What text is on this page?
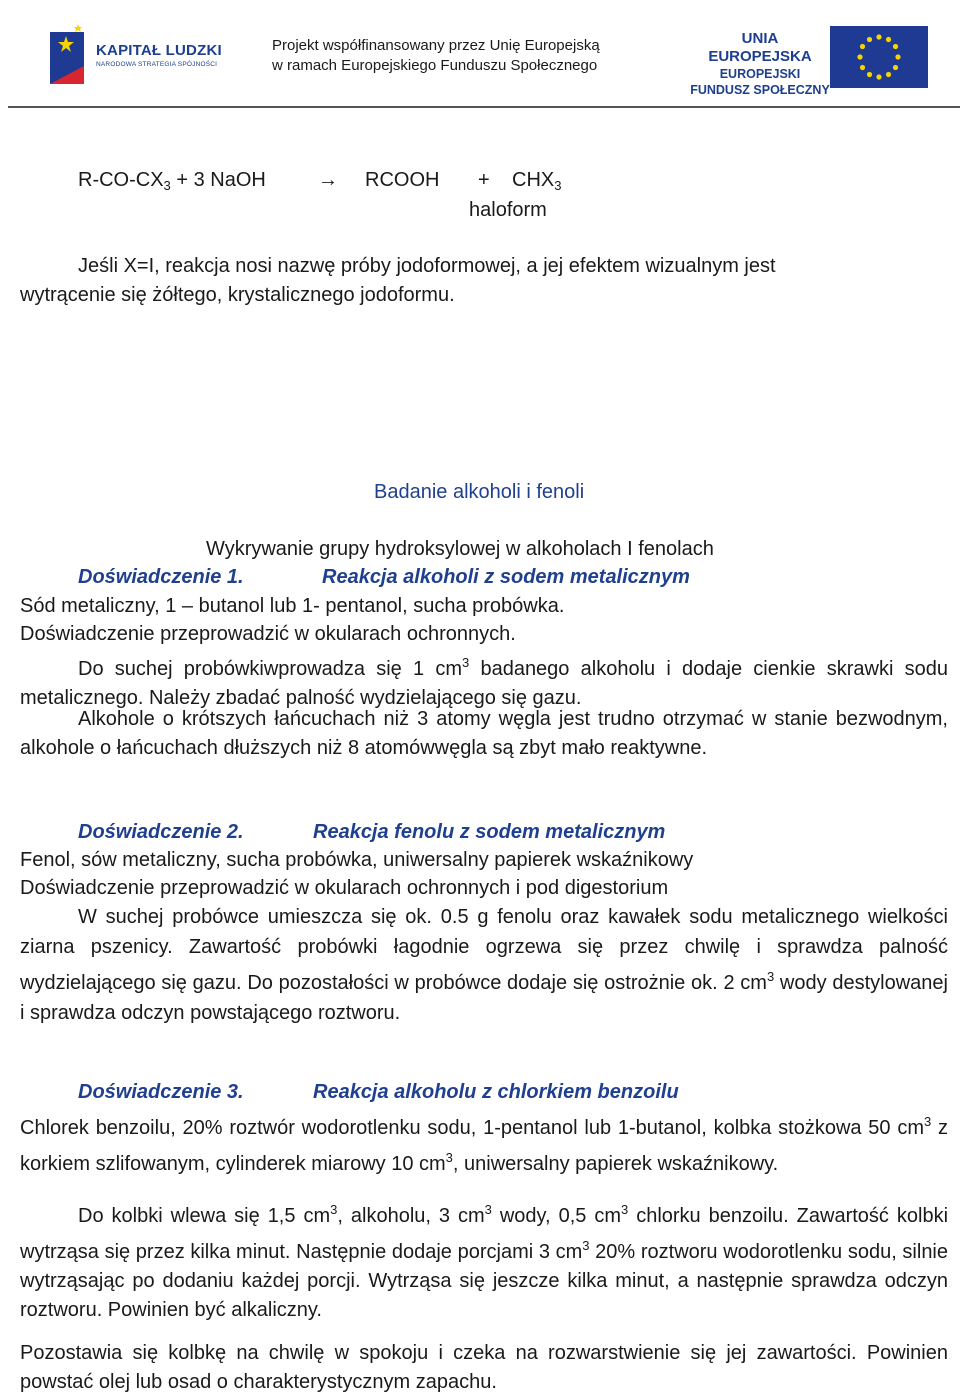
KAPITAŁ LUDZKI
NARODOWA STRATEGIA SPÓJNOŚCI
Projekt współfinansowany przez Unię Europejską
w ramach Europejskiego Funduszu Społecznego
UNIA EUROPEJSKA
EUROPEJSKI
FUNDUSZ SPOŁECZNY
$R-CO-CX_3 + 3$ NaOH	→ RCOOH + $CHX_3$
haloform
Jeśli X=I, reakcja nosi nazwę próby jodoformowej, a jej efektem wizualnym jest
wytrącenie się żółtego, krystalicznego jodoformu.
Badanie alkoholi i fenoli
Wykrywanie grupy hydroksylowej w alkoholach I fenolach
Doświadczenie 1.	Reakcja alkoholi z sodem metalicznym
Sód metaliczny, 1 – butanol lub 1- pentanol, sucha probówka.
Doświadczenie przeprowadzić w okularach ochronnych.
Do suchej probówkiwprowadza się 1 $cm^3$ badanego alkoholu i dodaje cienkie skrawki sodu metalicznego. Należy zbadać palność wydzielającego się gazu.
Alkohole o krótszych łańcuchach niż 3 atomy węgla jest trudno otrzymać w stanie bezwodnym, alkohole o łańcuchach dłuższych niż 8 atomówwęgla są zbyt mało reaktywne.
Doświadczenie 2.	Reakcja fenolu z sodem metalicznym
Fenol, sów metaliczny, sucha probówka, uniwersalny papierek wskaźnikowy
Doświadczenie przeprowadzić w okularach ochronnych i pod digestorium
W suchej probówce umieszcza się ok. 0.5 g fenolu oraz kawałek sodu metalicznego wielkości ziarna pszenicy. Zawartość probówki łagodnie ogrzewa się przez chwilę i sprawdza palność wydzielającego się gazu. Do pozostałości w probówce dodaje się ostrożnie ok. 2 $cm^3$ wody destylowanej i sprawdza odczyn powstającego roztworu.
Doświadczenie 3.	Reakcja alkoholu z chlorkiem benzoilu
Chlorek benzoilu, 20% roztwór wodorotlenku sodu, 1-pentanol lub 1-butanol, kolbka stożkowa 50 $cm^3$ z korkiem szlifowanym, cylinderek miarowy 10 $cm^3$, uniwersalny papierek wskaźnikowy.
Do kolbki wlewa się 1,5 $cm^3$, alkoholu, 3 $cm^3$ wody, 0,5 $cm^3$ chlorku benzoilu. Zawartość kolbki wytrząsa się przez kilka minut. Następnie dodaje porcjami 3 $cm^3$ 20% roztworu wodorotlenku sodu, silnie wytrząsając po dodaniu każdej porcji. Wytrząsa się jeszcze kilka minut, a następnie sprawdza odczyn roztworu. Powinien być alkaliczny.
Pozostawia się kolbkę na chwilę w spokoju i czeka na rozwarstwienie się jej zawartości. Powinien powstać olej lub osad o charakterystycznym zapachu.
